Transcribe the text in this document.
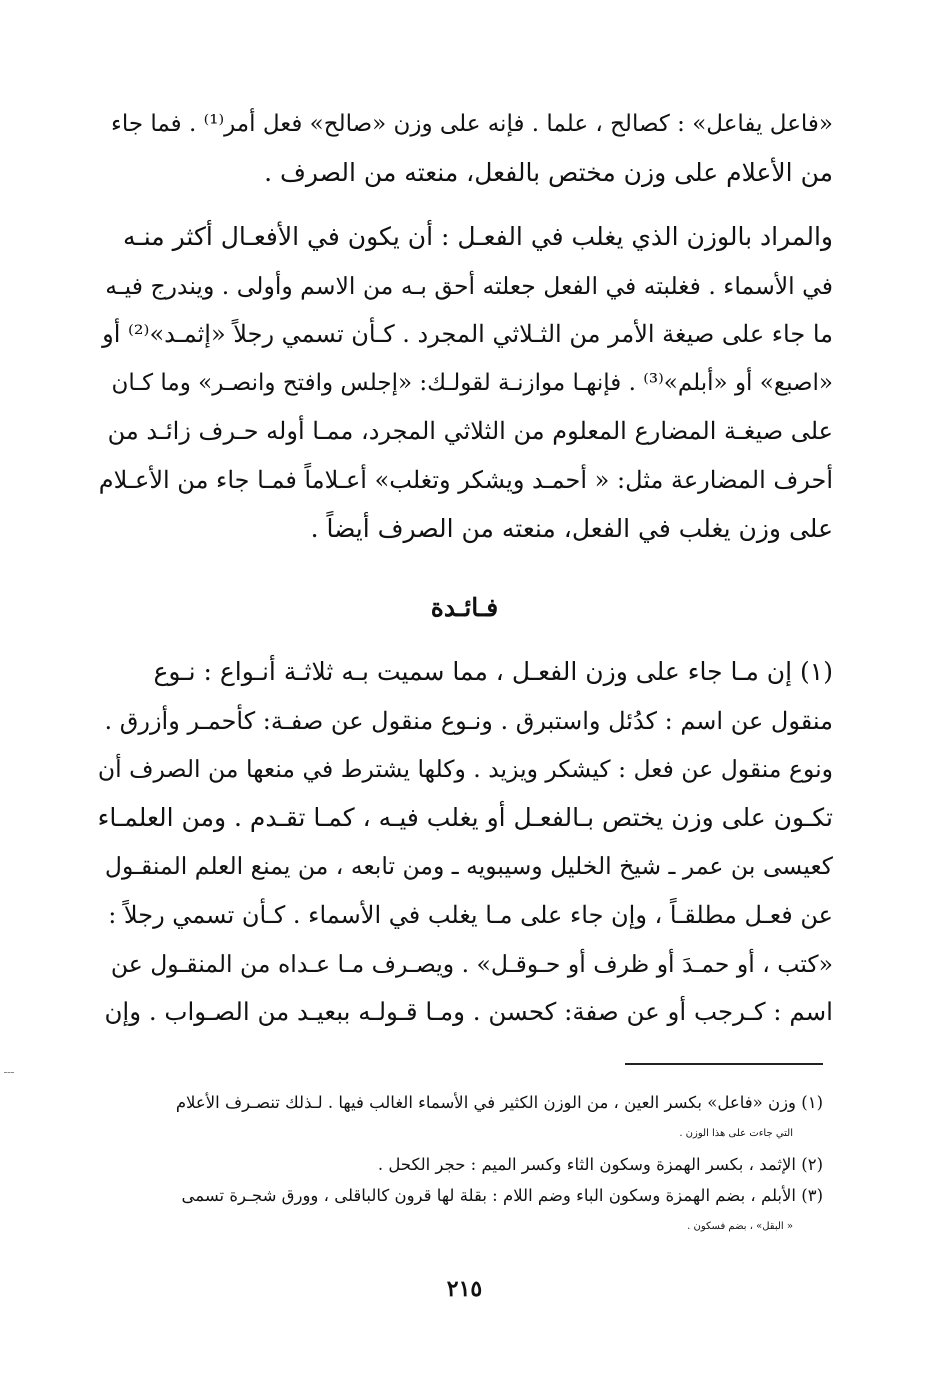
«فاعل يفاعل» : كصالح ، علما . فإنه على وزن «صالح» فعل أمر⁽¹⁾ . فما جاء

من الأعلام على وزن مختص بالفعل، منعته من الصرف .

والمراد بالوزن الذي يغلب في الفعـل : أن يكون في الأفعـال أكثر منـه

في الأسماء . فغلبته في الفعل جعلته أحق بـه من الاسم وأولى . ويندرج فيـه

ما جاء على صيغة الأمر من الثـلاثي المجرد . كـأن تسمي رجلاً «إثمـد»⁽²⁾ أو

«اصبع» أو «أبلم»⁽³⁾ . فإنهـا موازنـة لقولـك: «إجلس وافتح وانصـر» وما كـان

على صيغـة المضارع المعلوم من الثلاثي المجرد، ممـا أوله حـرف زائـد من

أحرف المضارعة مثل: « أحمـد ويشكر وتغلب» أعـلاماً فمـا جاء من الأعـلام

على وزن يغلب في الفعل، منعته من الصرف أيضاً .

فـائـدة

(١) إن مـا جاء على وزن الفعـل ، مما سميت بـه ثلاثـة أنـواع : نـوع

منقول عن اسم : كدُئل واستبرق . ونـوع منقول عن صفـة: كأحمـر وأزرق .

ونوع منقول عن فعل : كيشكر ويزيد . وكلها يشترط في منعها من الصرف أن

تكـون على وزن يختص بـالفعـل أو يغلب فيـه ، كمـا تقـدم . ومن العلمـاء

كعيسى بن عمر ـ شيخ الخليل وسيبويه ـ ومن تابعه ، من يمنع العلم المنقـول

عن فعـل مطلقـاً ، وإن جاء على مـا يغلب في الأسماء . كـأن تسمي رجلاً :

«كتب ، أو حمـدَ أو ظرف أو حـوقـل» . ويصـرف مـا عـداه من المنقـول عن

اسم : كـرجب أو عن صفة: كحسن . ومـا قـولـه ببعيـد من الصـواب . وإن

(١) وزن «فاعل» بكسر العين ، من الوزن الكثير في الأسماء الغالب فيها . لـذلك تنصـرف الأعلام

التي جاءت على هذا الوزن .

(٢) الإثمد ، بكسر الهمزة وسكون الثاء وكسر الميم : حجر الكحل .

(٣) الأبلم ، بضم الهمزة وسكون الباء وضم اللام : بقلة لها قرون كالباقلى ، وورق شجـرة تسمى

« البقل» ، بضم فسكون .

٢١٥
